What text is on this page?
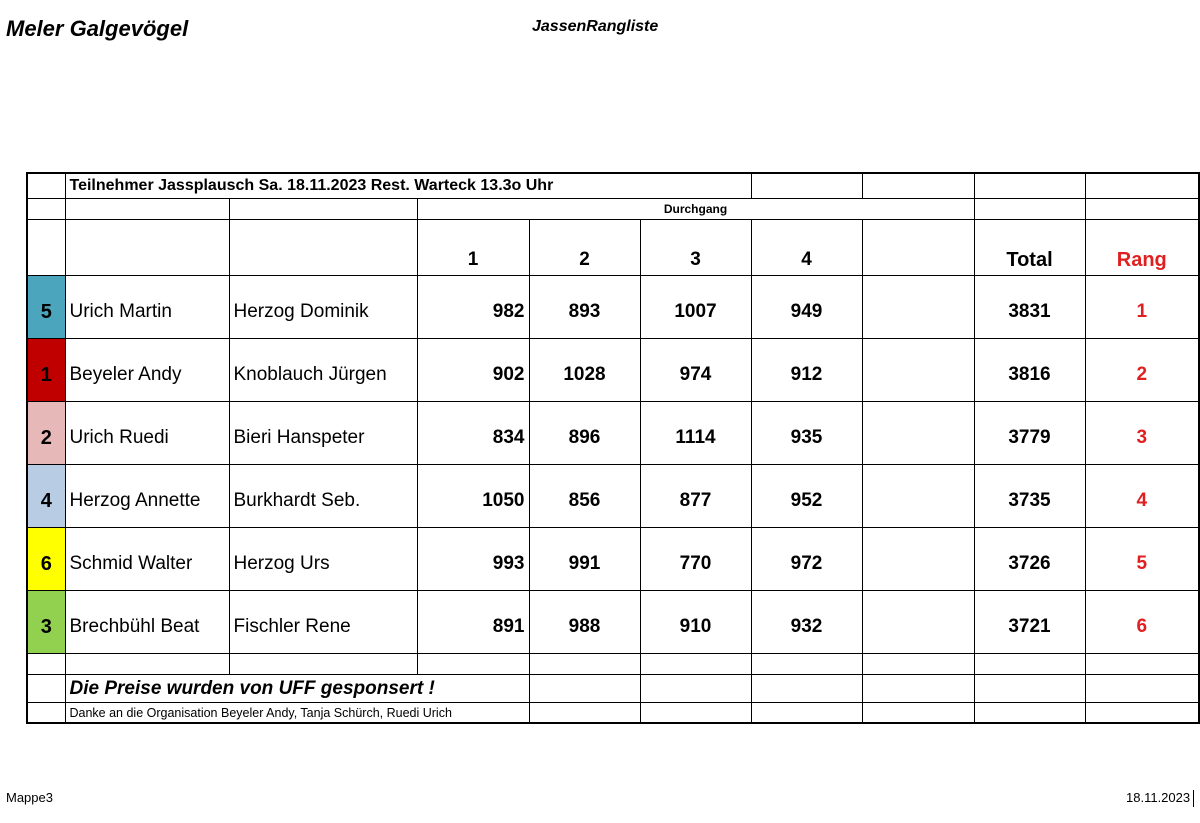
Meler Galgevögel	JassenRangliste
	Teilnehmer Jassplausch Sa. 18.11.2023 Rest. Warteck 13.3o Uhr								
			Durchgang						
			1	2	3	4		Total	Rang
5	Urich Martin	Herzog Dominik	982	893	1007	949		3831	1
1	Beyeler Andy	Knoblauch Jürgen	902	1028	974	912		3816	2
2	Urich Ruedi	Bieri Hanspeter	834	896	1114	935		3779	3
4	Herzog Annette	Burkhardt Seb.	1050	856	877	952		3735	4
6	Schmid Walter	Herzog Urs	993	991	770	972		3726	5
3	Brechbühl Beat	Fischler Rene	891	988	910	932		3721	6

	Die Preise wurden von UFF gesponsert !								
	Danke an die Organisation Beyeler Andy, Tanja Schürch, Ruedi Urich								
Mappe3	18.11.2023
